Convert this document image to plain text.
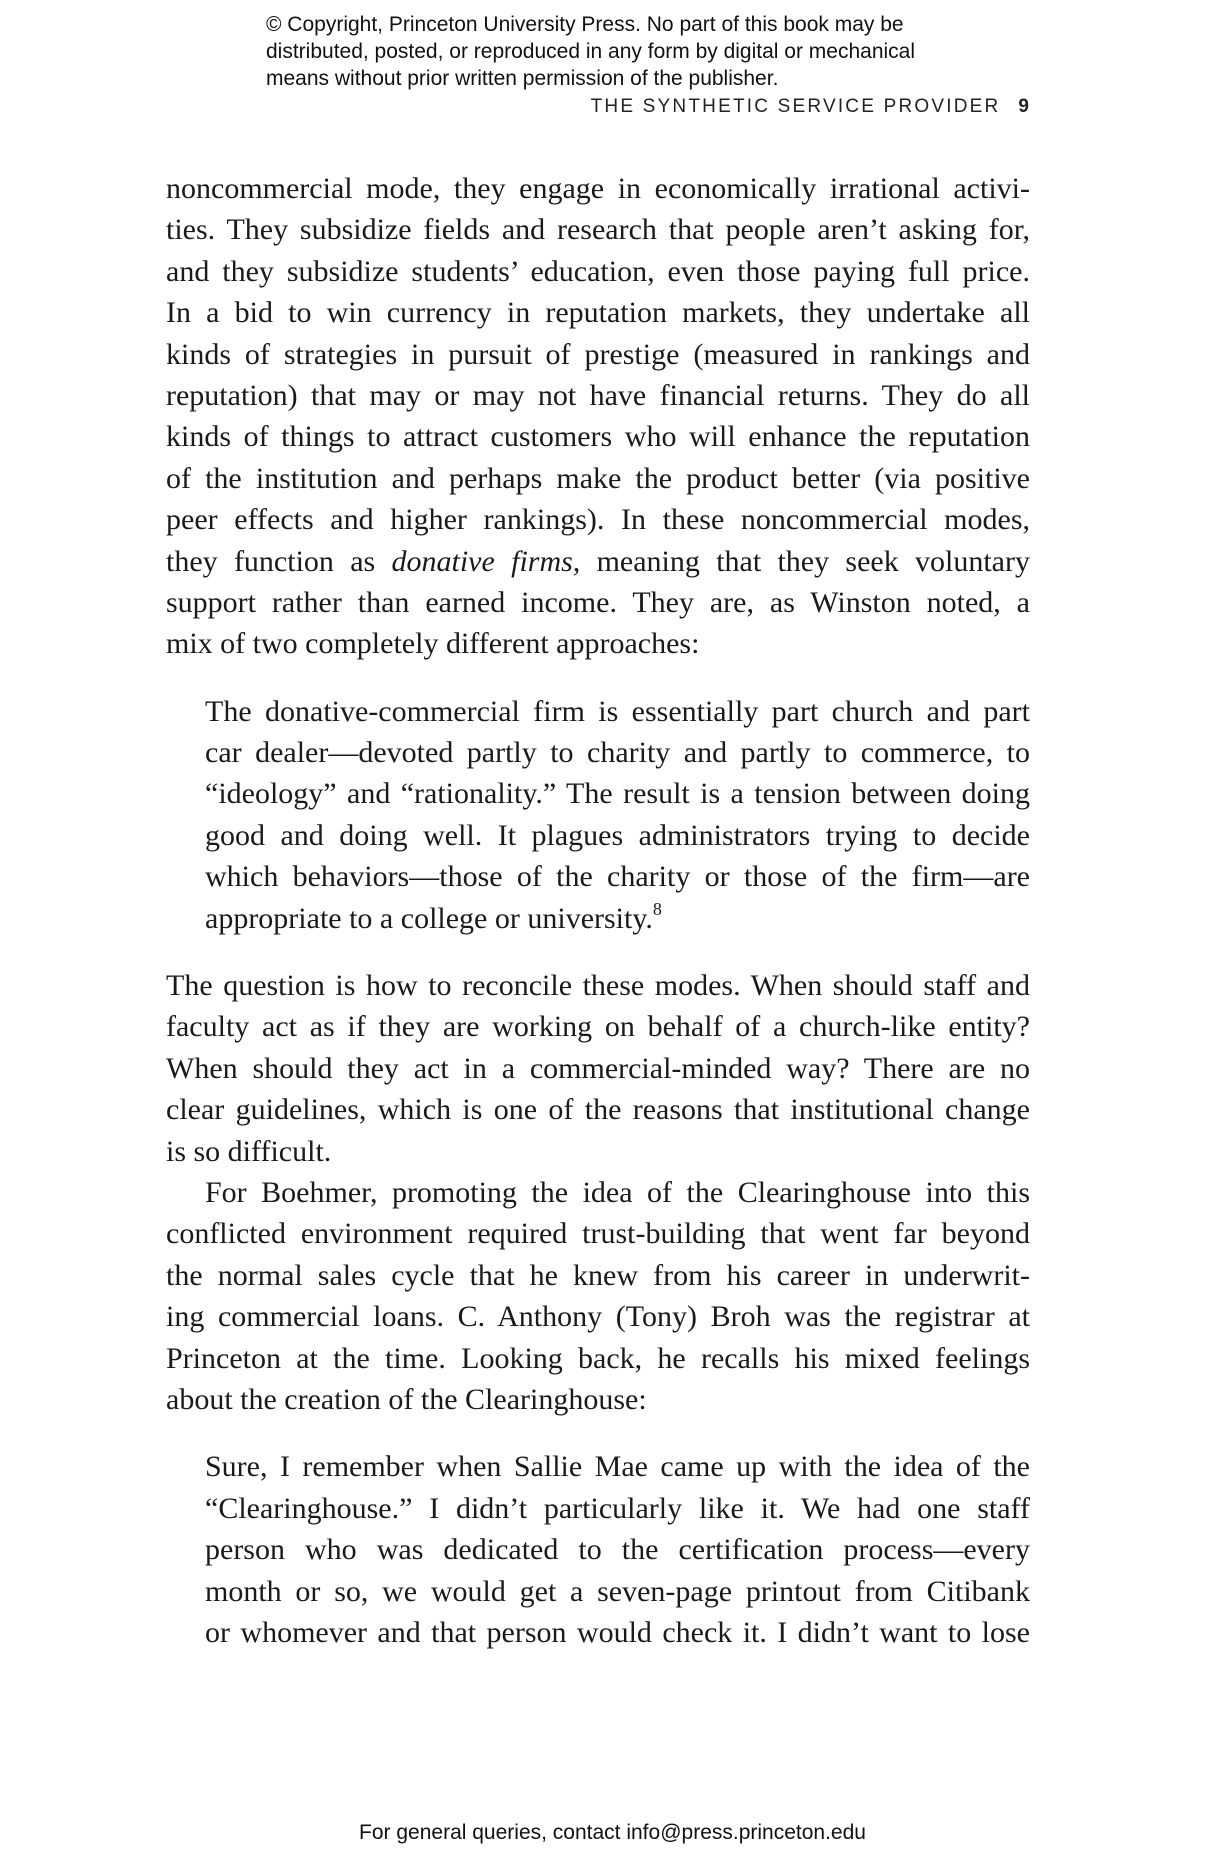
© Copyright, Princeton University Press. No part of this book may be
distributed, posted, or reproduced in any form by digital or mechanical
means without prior written permission of the publisher.
THE SYNTHETIC SERVICE PROVIDER 9
noncommercial mode, they engage in economically irrational activi-
ties. They subsidize fields and research that people aren’t asking for,
and they subsidize students’ education, even those paying full price.
In a bid to win currency in reputation markets, they undertake all
kinds of strategies in pursuit of prestige (measured in rankings and
reputation) that may or may not have financial returns. They do all
kinds of things to attract customers who will enhance the reputation
of the institution and perhaps make the product better (via positive
peer effects and higher rankings). In these noncommercial modes,
they function as donative firms, meaning that they seek voluntary
support rather than earned income. They are, as Winston noted, a
mix of two completely different approaches:
The donative-commercial firm is essentially part church and part
car dealer—devoted partly to charity and partly to commerce, to
“ideology” and “rationality.” The result is a tension between doing
good and doing well. It plagues administrators trying to decide
which behaviors—those of the charity or those of the firm—are
appropriate to a college or university.$^8$
The question is how to reconcile these modes. When should staff and
faculty act as if they are working on behalf of a church-like entity?
When should they act in a commercial-minded way? There are no
clear guidelines, which is one of the reasons that institutional change
is so difficult.
For Boehmer, promoting the idea of the Clearinghouse into this
conflicted environment required trust-building that went far beyond
the normal sales cycle that he knew from his career in underwrit-
ing commercial loans. C. Anthony (Tony) Broh was the registrar at
Princeton at the time. Looking back, he recalls his mixed feelings
about the creation of the Clearinghouse:
Sure, I remember when Sallie Mae came up with the idea of the
“Clearinghouse.” I didn’t particularly like it. We had one staff
person who was dedicated to the certification process—every
month or so, we would get a seven-page printout from Citibank
or whomever and that person would check it. I didn’t want to lose
For general queries, contact info@press.princeton.edu
